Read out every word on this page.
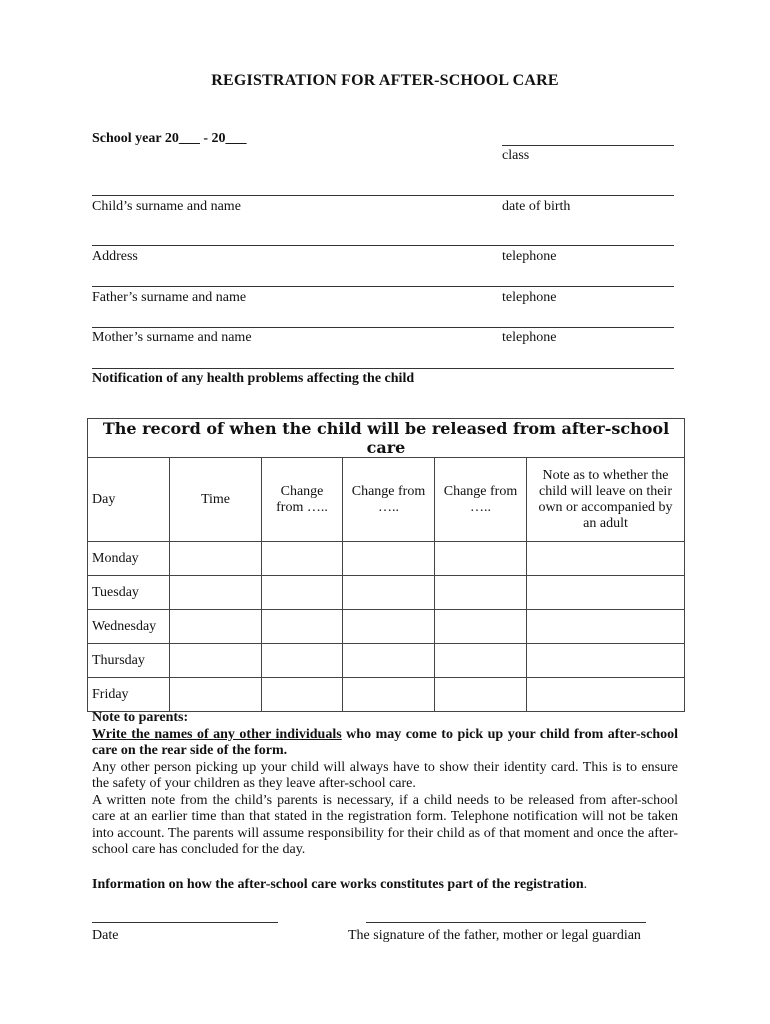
REGISTRATION FOR AFTER-SCHOOL CARE
School year 20___ - 20___
class
Child’s surname and name	date of birth
Address	telephone
Father’s surname and name	telephone
Mother’s surname and name	telephone
Notification of any health problems affecting the child
The record of when the child will be released from after-school care					
Day	Time	Change from …..	Change from …..	Change from …..	Note as to whether the child will leave on their own or accompanied by an adult
Monday					
Tuesday					
Wednesday					
Thursday					
Friday					

Note to parents:

Write the names of any other individuals who may come to pick up your child from after-school care on the rear side of the form.

Any other person picking up your child will always have to show their identity card. This is to ensure the safety of your children as they leave after-school care.

A written note from the child’s parents is necessary, if a child needs to be released from after-school care at an earlier time than that stated in the registration form. Telephone notification will not be taken into account. The parents will assume responsibility for their child as of that moment and once the after-school care has concluded for the day.

Information on how the after-school care works constitutes part of the registration.
Date	The signature of the father, mother or legal guardian
